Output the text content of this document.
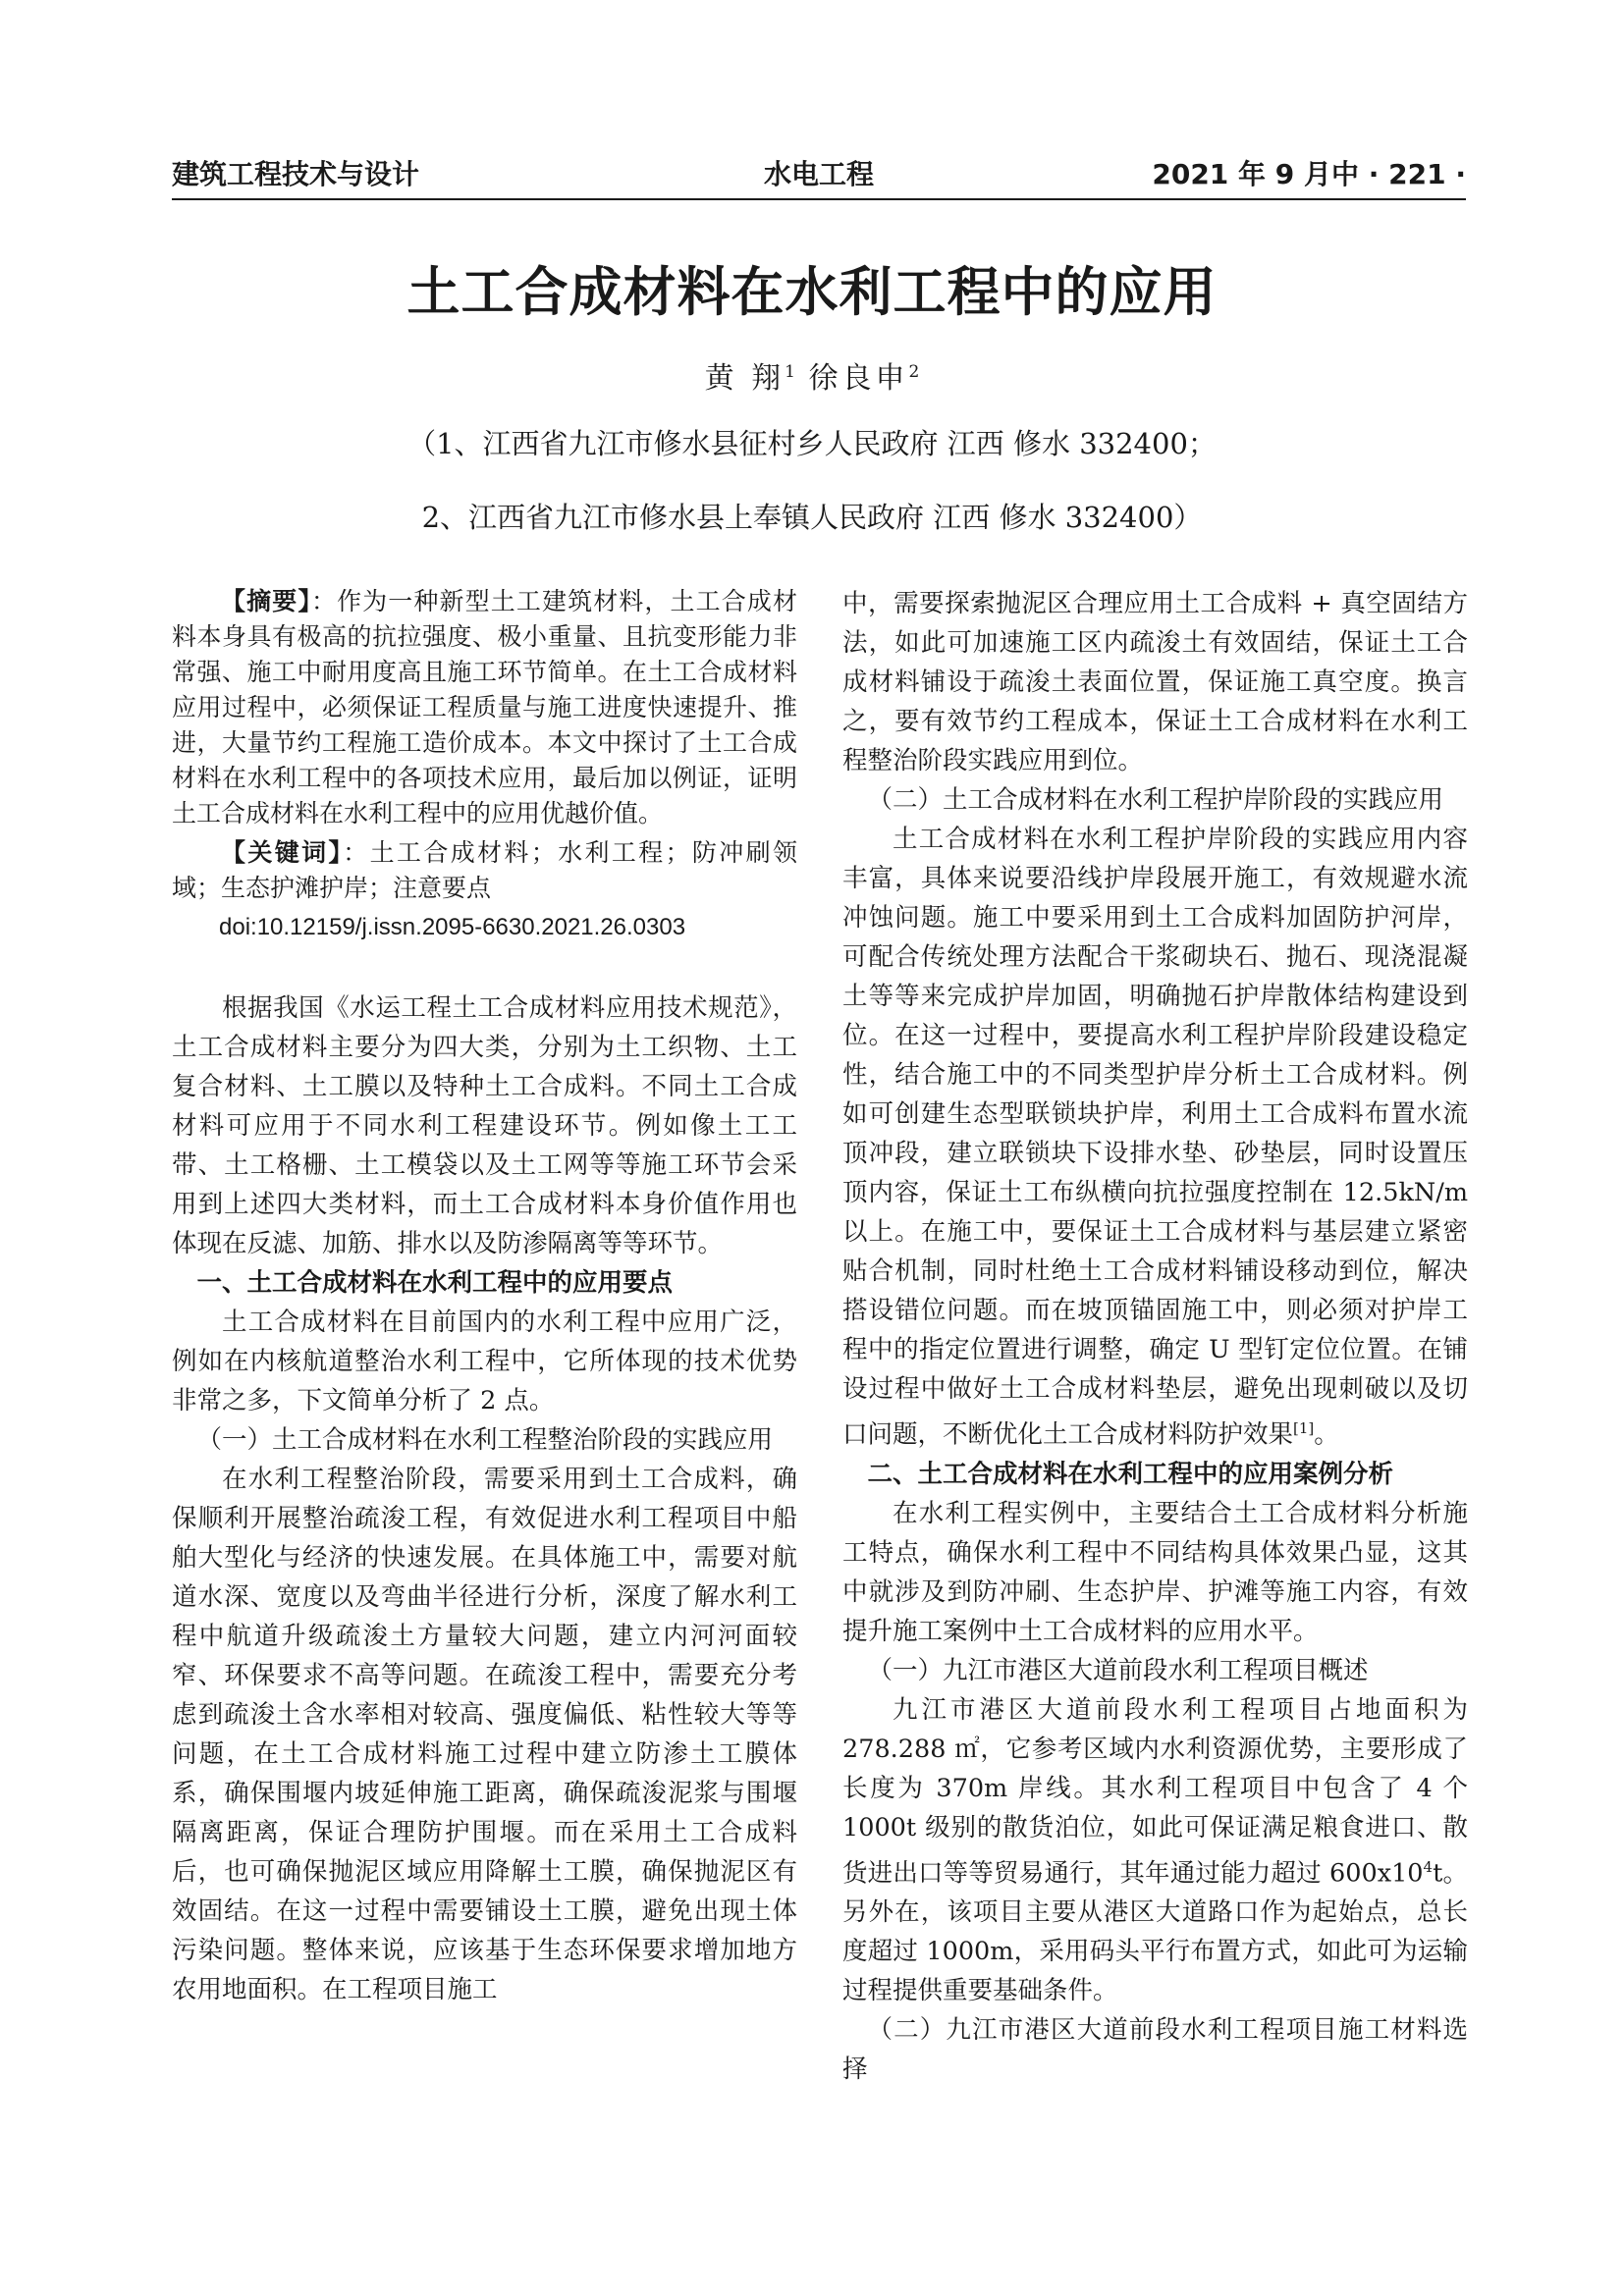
建筑工程技术与设计	水电工程	2021 年 9 月中 · 221 ·
土工合成材料在水利工程中的应用
黄 翔$^1$ 徐良申$^2$
（1、江西省九江市修水县征村乡人民政府 江西 修水 332400；
2、江西省九江市修水县上奉镇人民政府 江西 修水 332400）

【摘要】：作为一种新型土工建筑材料，土工合成材料本身具有极高的抗拉强度、极小重量、且抗变形能力非常强、施工中耐用度高且施工环节简单。在土工合成材料应用过程中，必须保证工程质量与施工进度快速提升、推进，大量节约工程施工造价成本。本文中探讨了土工合成材料在水利工程中的各项技术应用，最后加以例证，证明土工合成材料在水利工程中的应用优越价值。

【关键词】：土工合成材料；水利工程；防冲刷领域；生态护滩护岸；注意要点

doi:10.12159/j.issn.2095-6630.2021.26.0303

根据我国《水运工程土工合成材料应用技术规范》，土工合成材料主要分为四大类，分别为土工织物、土工复合材料、土工膜以及特种土工合成料。不同土工合成材料可应用于不同水利工程建设环节。例如像土工工带、土工格栅、土工模袋以及土工网等等施工环节会采用到上述四大类材料，而土工合成材料本身价值作用也体现在反滤、加筋、排水以及防渗隔离等等环节。

一、土工合成材料在水利工程中的应用要点

土工合成材料在目前国内的水利工程中应用广泛，例如在内核航道整治水利工程中，它所体现的技术优势非常之多，下文简单分析了 2 点。

（一）土工合成材料在水利工程整治阶段的实践应用

在水利工程整治阶段，需要采用到土工合成料，确保顺利开展整治疏浚工程，有效促进水利工程项目中船舶大型化与经济的快速发展。在具体施工中，需要对航道水深、宽度以及弯曲半径进行分析，深度了解水利工程中航道升级疏浚土方量较大问题，建立内河河面较窄、环保要求不高等问题。在疏浚工程中，需要充分考虑到疏浚土含水率相对较高、强度偏低、粘性较大等等问题，在土工合成材料施工过程中建立防渗土工膜体系，确保围堰内坡延伸施工距离，确保疏浚泥浆与围堰隔离距离，保证合理防护围堰。而在采用土工合成料后，也可确保抛泥区域应用降解土工膜，确保抛泥区有效固结。在这一过程中需要铺设土工膜，避免出现土体污染问题。整体来说，应该基于生态环保要求增加地方农用地面积。在工程项目施工

中，需要探索抛泥区合理应用土工合成料 + 真空固结方法，如此可加速施工区内疏浚土有效固结，保证土工合成材料铺设于疏浚土表面位置，保证施工真空度。换言之，要有效节约工程成本，保证土工合成材料在水利工程整治阶段实践应用到位。

（二）土工合成材料在水利工程护岸阶段的实践应用

土工合成材料在水利工程护岸阶段的实践应用内容丰富，具体来说要沿线护岸段展开施工，有效规避水流冲蚀问题。施工中要采用到土工合成料加固防护河岸，可配合传统处理方法配合干浆砌块石、抛石、现浇混凝土等等来完成护岸加固，明确抛石护岸散体结构建设到位。在这一过程中，要提高水利工程护岸阶段建设稳定性，结合施工中的不同类型护岸分析土工合成材料。例如可创建生态型联锁块护岸，利用土工合成料布置水流顶冲段，建立联锁块下设排水垫、砂垫层，同时设置压顶内容，保证土工布纵横向抗拉强度控制在 12.5kN/m 以上。在施工中，要保证土工合成材料与基层建立紧密贴合机制，同时杜绝土工合成材料铺设移动到位，解决搭设错位问题。而在坡顶锚固施工中，则必须对护岸工程中的指定位置进行调整，确定 U 型钉定位位置。在铺设过程中做好土工合成材料垫层，避免出现刺破以及切口问题，不断优化土工合成材料防护效果[1]。

二、土工合成材料在水利工程中的应用案例分析

在水利工程实例中，主要结合土工合成材料分析施工特点，确保水利工程中不同结构具体效果凸显，这其中就涉及到防冲刷、生态护岸、护滩等施工内容，有效提升施工案例中土工合成材料的应用水平。

（一）九江市港区大道前段水利工程项目概述

九江市港区大道前段水利工程项目占地面积为 278.288 ㎡，它参考区域内水利资源优势，主要形成了长度为 370m 岸线。其水利工程项目中包含了 4 个 1000t 级别的散货泊位，如此可保证满足粮食进口、散货进出口等等贸易通行，其年通过能力超过 $600x10^4t$。另外在，该项目主要从港区大道路口作为起始点，总长度超过 1000m，采用码头平行布置方式，如此可为运输过程提供重要基础条件。

（二）九江市港区大道前段水利工程项目施工材料选择
